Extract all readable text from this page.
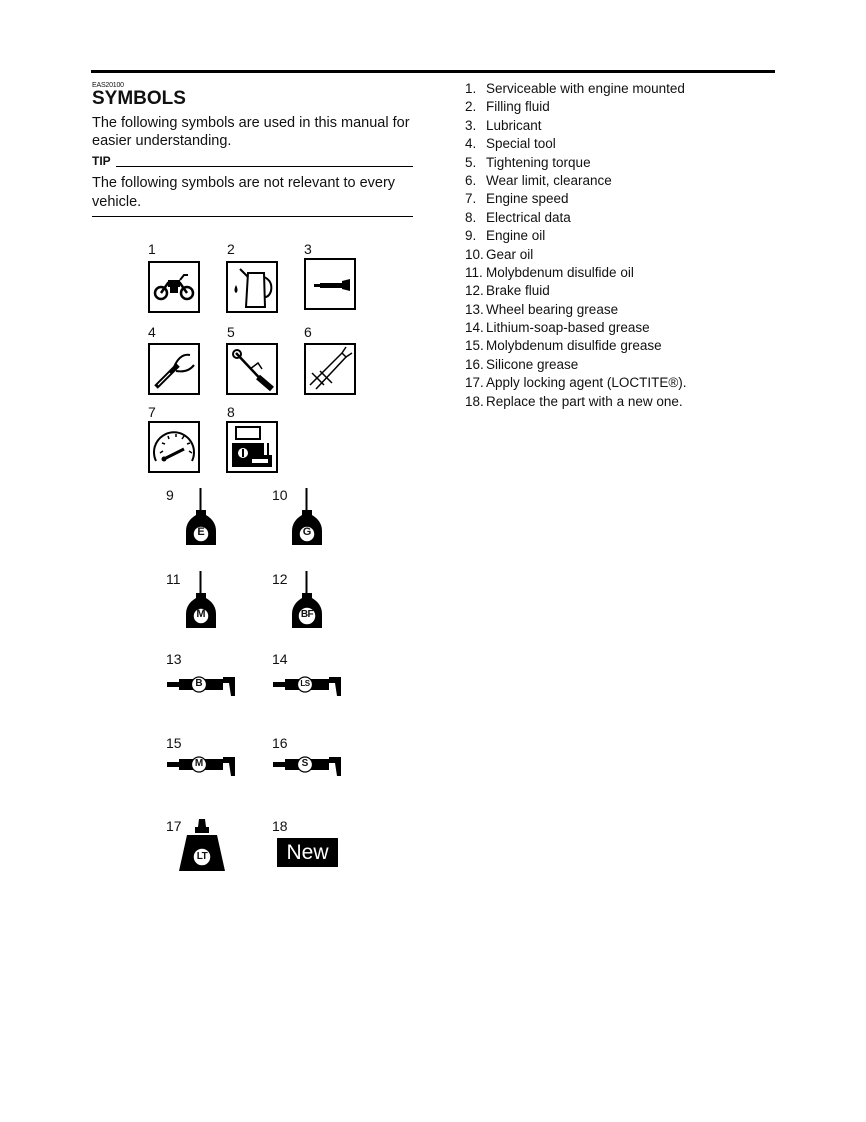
EAS20100
SYMBOLS
The following symbols are used in this manual for easier understanding.
TIP
The following symbols are not relevant to every vehicle.
1	2	3
4	5	6
7	8
9	10
E	G
11	12
M	BF
13	14
B	LS
15	16
M	S
17	18
LT	New
1. Serviceable with engine mounted
2. Filling fluid
3. Lubricant
4. Special tool
5. Tightening torque
6. Wear limit, clearance
7. Engine speed
8. Electrical data
9. Engine oil
10. Gear oil
11. Molybdenum disulfide oil
12. Brake fluid
13. Wheel bearing grease
14. Lithium-soap-based grease
15. Molybdenum disulfide grease
16. Silicone grease
17. Apply locking agent (LOCTITE®).
18. Replace the part with a new one.
